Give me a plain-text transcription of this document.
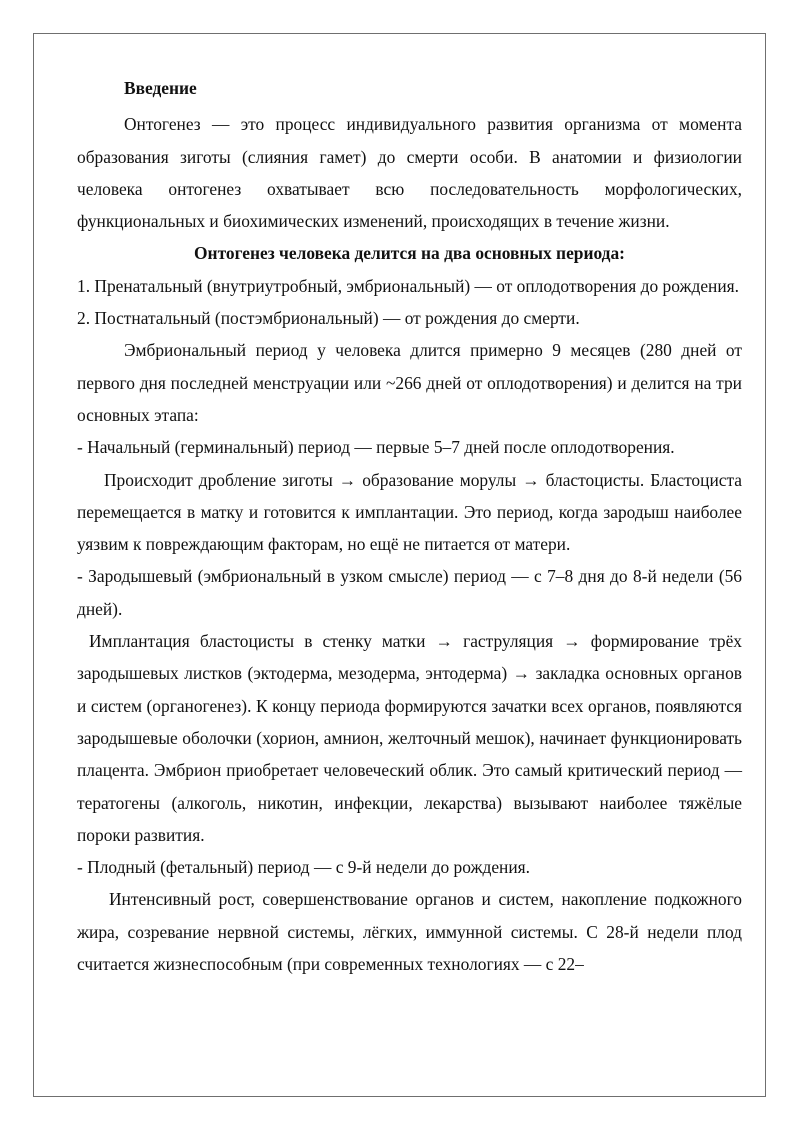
Введение

Онтогенез — это процесс индивидуального развития организма от момента образования зиготы (слияния гамет) до смерти особи. В анатомии и физиологии человека онтогенез охватывает всю последовательность морфологических, функциональных и биохимических изменений, происходящих в течение жизни.

Онтогенез человека делится на два основных периода:

1. Пренатальный (внутриутробный, эмбриональный) — от оплодотворения до рождения.

2. Постнатальный (постэмбриональный) — от рождения до смерти.

Эмбриональный период у человека длится примерно 9 месяцев (280 дней от первого дня последней менструации или ~266 дней от оплодотворения) и делится на три основных этапа:

- Начальный (герминальный) период — первые 5–7 дней после оплодотворения.

Происходит дробление зиготы → образование морулы → бластоцисты. Бластоциста перемещается в матку и готовится к имплантации. Это период, когда зародыш наиболее уязвим к повреждающим факторам, но ещё не питается от матери.

- Зародышевый (эмбриональный в узком смысле) период — с 7–8 дня до 8-й недели (56 дней).

Имплантация бластоцисты в стенку матки → гаструляция → формирование трёх зародышевых листков (эктодерма, мезодерма, энтодерма) → закладка основных органов и систем (органогенез). К концу периода формируются зачатки всех органов, появляются зародышевые оболочки (хорион, амнион, желточный мешок), начинает функционировать плацента. Эмбрион приобретает человеческий облик. Это самый критический период — тератогены (алкоголь, никотин, инфекции, лекарства) вызывают наиболее тяжёлые пороки развития.

- Плодный (фетальный) период — с 9-й недели до рождения.

Интенсивный рост, совершенствование органов и систем, накопление подкожного жира, созревание нервной системы, лёгких, иммунной системы. С 28-й недели плод считается жизнеспособным (при современных технологиях — с 22–
